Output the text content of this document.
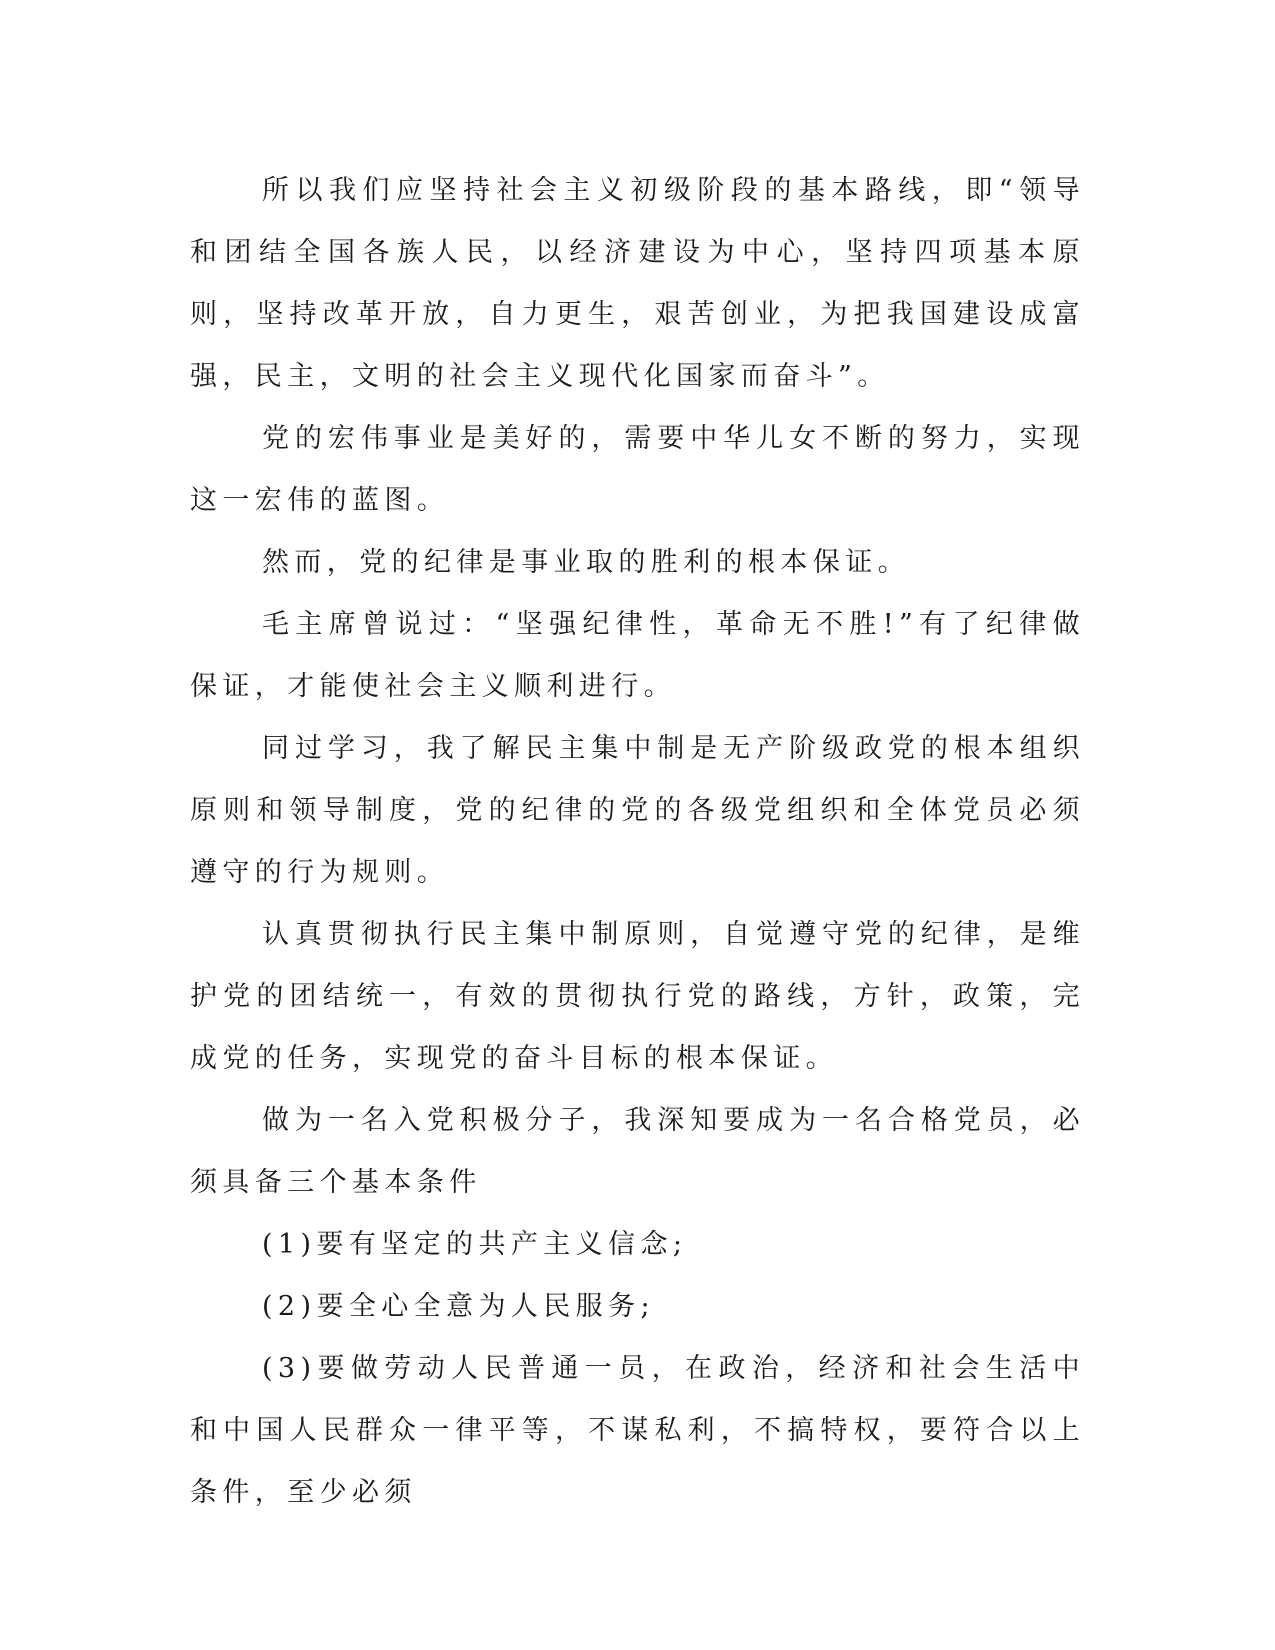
所以我们应坚持社会主义初级阶段的基本路线，即“领导和团结全国各族人民，以经济建设为中心，坚持四项基本原则，坚持改革开放，自力更生，艰苦创业，为把我国建设成富强，民主，文明的社会主义现代化国家而奋斗”。

党的宏伟事业是美好的，需要中华儿女不断的努力，实现这一宏伟的蓝图。

然而，党的纪律是事业取的胜利的根本保证。

毛主席曾说过：“坚强纪律性，革命无不胜!”有了纪律做保证，才能使社会主义顺利进行。

同过学习，我了解民主集中制是无产阶级政党的根本组织原则和领导制度，党的纪律的党的各级党组织和全体党员必须遵守的行为规则。

认真贯彻执行民主集中制原则，自觉遵守党的纪律，是维护党的团结统一，有效的贯彻执行党的路线，方针，政策，完成党的任务，实现党的奋斗目标的根本保证。

做为一名入党积极分子，我深知要成为一名合格党员，必须具备三个基本条件

(1)要有坚定的共产主义信念;

(2)要全心全意为人民服务;

(3)要做劳动人民普通一员，在政治，经济和社会生活中和中国人民群众一律平等，不谋私利，不搞特权，要符合以上条件，至少必须
